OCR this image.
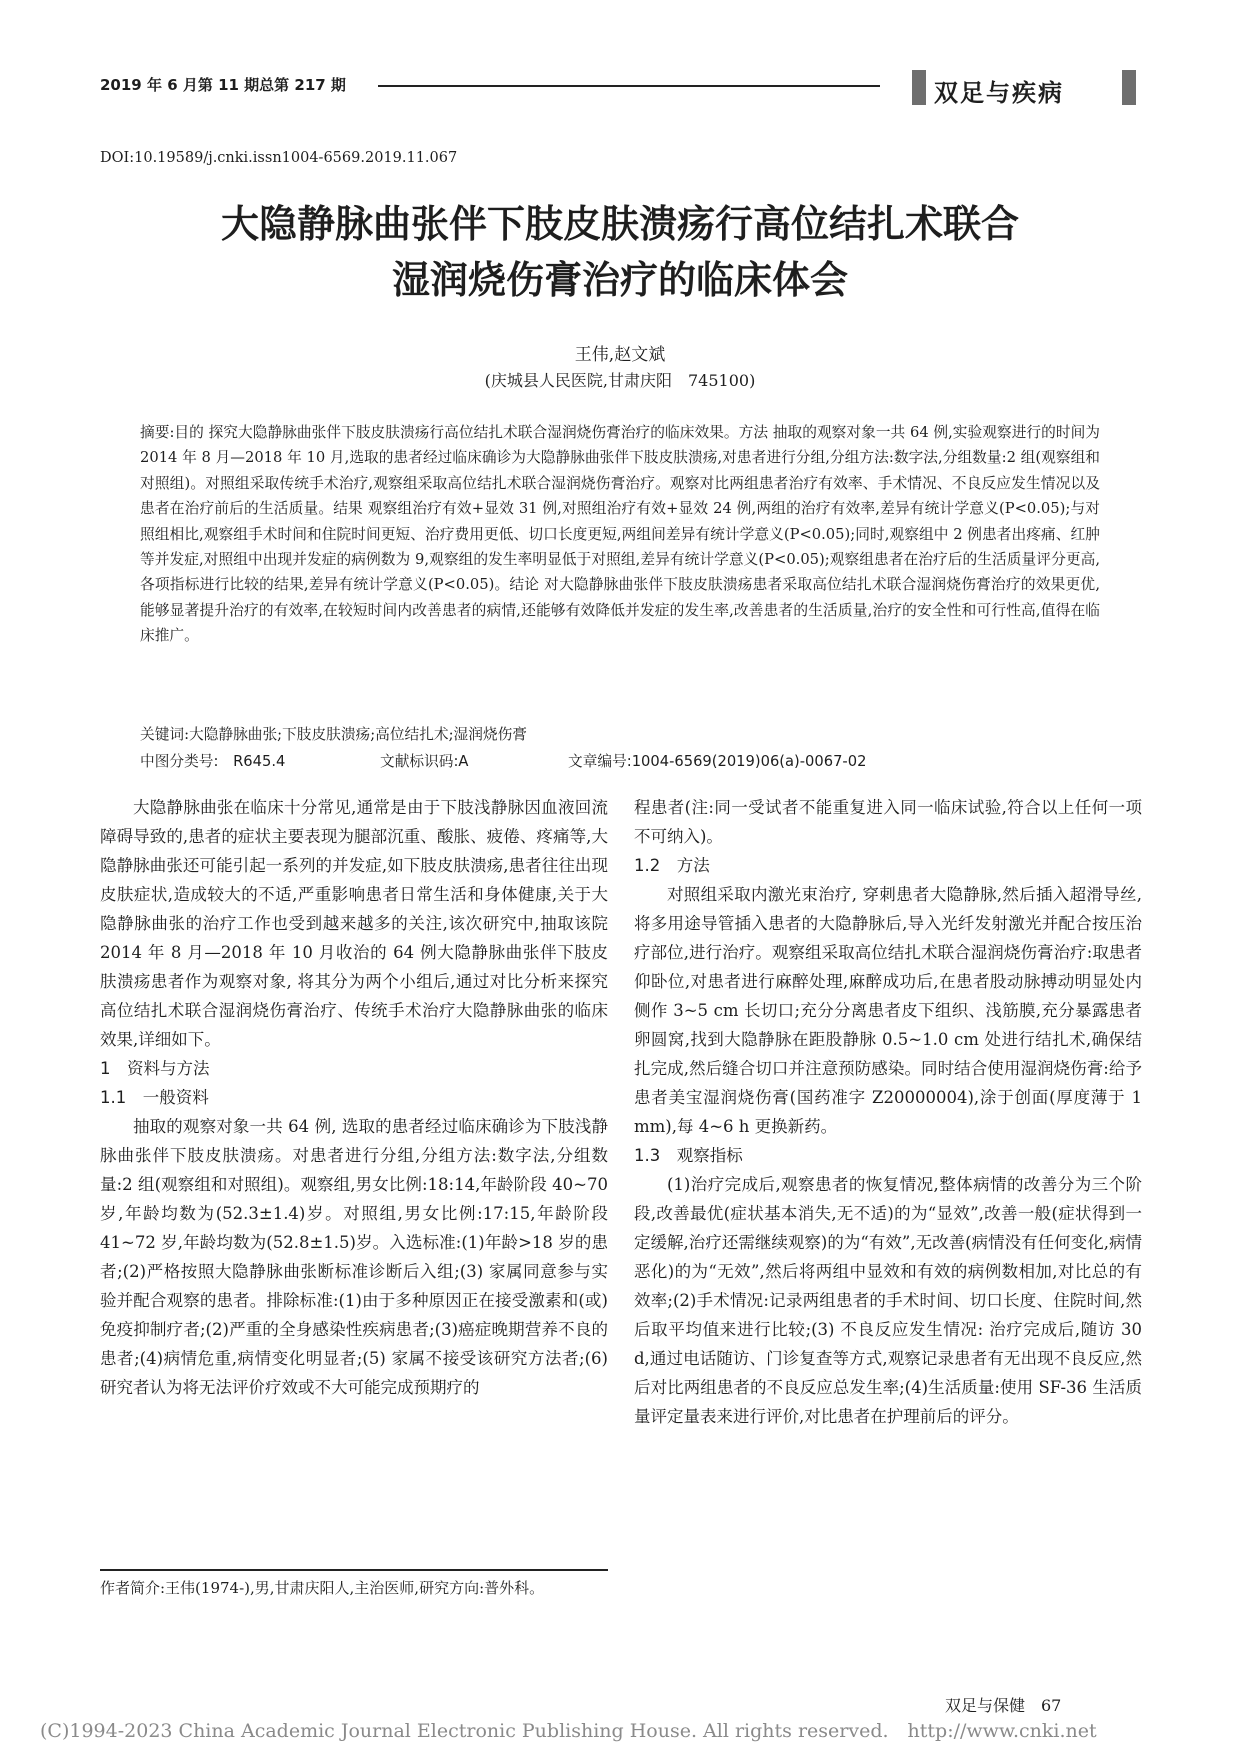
2019 年 6 月第 11 期总第 217 期	双足与疾病
DOI:10.19589/j.cnki.issn1004-6569.2019.11.067
大隐静脉曲张伴下肢皮肤溃疡行高位结扎术联合
湿润烧伤膏治疗的临床体会
王伟,赵文斌
(庆城县人民医院,甘肃庆阳　745100)

摘要:目的 探究大隐静脉曲张伴下肢皮肤溃疡行高位结扎术联合湿润烧伤膏治疗的临床效果。方法 抽取的观察对象一共 64 例,实验观察进行的时间为 2014 年 8 月—2018 年 10 月,选取的患者经过临床确诊为大隐静脉曲张伴下肢皮肤溃疡,对患者进行分组,分组方法:数字法,分组数量:2 组(观察组和对照组)。对照组采取传统手术治疗,观察组采取高位结扎术联合湿润烧伤膏治疗。观察对比两组患者治疗有效率、手术情况、不良反应发生情况以及患者在治疗前后的生活质量。结果 观察组治疗有效+显效 31 例,对照组治疗有效+显效 24 例,两组的治疗有效率,差异有统计学意义(P<0.05);与对照组相比,观察组手术时间和住院时间更短、治疗费用更低、切口长度更短,两组间差异有统计学意义(P<0.05);同时,观察组中 2 例患者出疼痛、红肿等并发症,对照组中出现并发症的病例数为 9,观察组的发生率明显低于对照组,差异有统计学意义(P<0.05);观察组患者在治疗后的生活质量评分更高,各项指标进行比较的结果,差异有统计学意义(P<0.05)。结论 对大隐静脉曲张伴下肢皮肤溃疡患者采取高位结扎术联合湿润烧伤膏治疗的效果更优,能够显著提升治疗的有效率,在较短时间内改善患者的病情,还能够有效降低并发症的发生率,改善患者的生活质量,治疗的安全性和可行性高,值得在临床推广。

关键词:大隐静脉曲张;下肢皮肤溃疡;高位结扎术;湿润烧伤膏
中图分类号:　R645.4	文献标识码:A	文章编号:1004-6569(2019)06(a)-0067-02

大隐静脉曲张在临床十分常见,通常是由于下肢浅静脉因血液回流障碍导致的,患者的症状主要表现为腿部沉重、酸胀、疲倦、疼痛等,大隐静脉曲张还可能引起一系列的并发症,如下肢皮肤溃疡,患者往往出现皮肤症状,造成较大的不适,严重影响患者日常生活和身体健康,关于大隐静脉曲张的治疗工作也受到越来越多的关注,该次研究中,抽取该院 2014 年 8 月—2018 年 10 月收治的 64 例大隐静脉曲张伴下肢皮肤溃疡患者作为观察对象, 将其分为两个小组后,通过对比分析来探究高位结扎术联合湿润烧伤膏治疗、传统手术治疗大隐静脉曲张的临床效果,详细如下。

1　资料与方法

1.1　一般资料

抽取的观察对象一共 64 例, 选取的患者经过临床确诊为下肢浅静脉曲张伴下肢皮肤溃疡。对患者进行分组,分组方法:数字法,分组数量:2 组(观察组和对照组)。观察组,男女比例:18:14,年龄阶段 40~70 岁,年龄均数为(52.3±1.4)岁。对照组,男女比例:17:15,年龄阶段 41~72 岁,年龄均数为(52.8±1.5)岁。入选标准:(1)年龄>18 岁的患者;(2)严格按照大隐静脉曲张断标准诊断后入组;(3) 家属同意参与实验并配合观察的患者。排除标准:(1)由于多种原因正在接受激素和(或)免疫抑制疗者;(2)严重的全身感染性疾病患者;(3)癌症晚期营养不良的患者;(4)病情危重,病情变化明显者;(5) 家属不接受该研究方法者;(6)研究者认为将无法评价疗效或不大可能完成预期疗的

作者简介:王伟(1974-),男,甘肃庆阳人,主治医师,研究方向:普外科。

程患者(注:同一受试者不能重复进入同一临床试验,符合以上任何一项不可纳入)。

1.2　方法

对照组采取内激光束治疗, 穿刺患者大隐静脉,然后插入超滑导丝,将多用途导管插入患者的大隐静脉后,导入光纤发射激光并配合按压治疗部位,进行治疗。观察组采取高位结扎术联合湿润烧伤膏治疗:取患者仰卧位,对患者进行麻醉处理,麻醉成功后,在患者股动脉搏动明显处内侧作 3~5 cm 长切口;充分分离患者皮下组织、浅筋膜,充分暴露患者卵圆窝,找到大隐静脉在距股静脉 0.5~1.0 cm 处进行结扎术,确保结扎完成,然后缝合切口并注意预防感染。同时结合使用湿润烧伤膏:给予患者美宝湿润烧伤膏(国药准字 Z20000004),涂于创面(厚度薄于 1 mm),每 4~6 h 更换新药。

1.3　观察指标

(1)治疗完成后,观察患者的恢复情况,整体病情的改善分为三个阶段,改善最优(症状基本消失,无不适)的为“显效”,改善一般(症状得到一定缓解,治疗还需继续观察)的为“有效”,无改善(病情没有任何变化,病情恶化)的为“无效”,然后将两组中显效和有效的病例数相加,对比总的有效率;(2)手术情况:记录两组患者的手术时间、切口长度、住院时间,然后取平均值来进行比较;(3) 不良反应发生情况: 治疗完成后,随访 30 d,通过电话随访、门诊复查等方式,观察记录患者有无出现不良反应,然后对比两组患者的不良反应总发生率;(4)生活质量:使用 SF-36 生活质量评定量表来进行评价,对比患者在护理前后的评分。

双足与保健　67
(C)1994-2023 China Academic Journal Electronic Publishing House. All rights reserved.　http://www.cnki.net
